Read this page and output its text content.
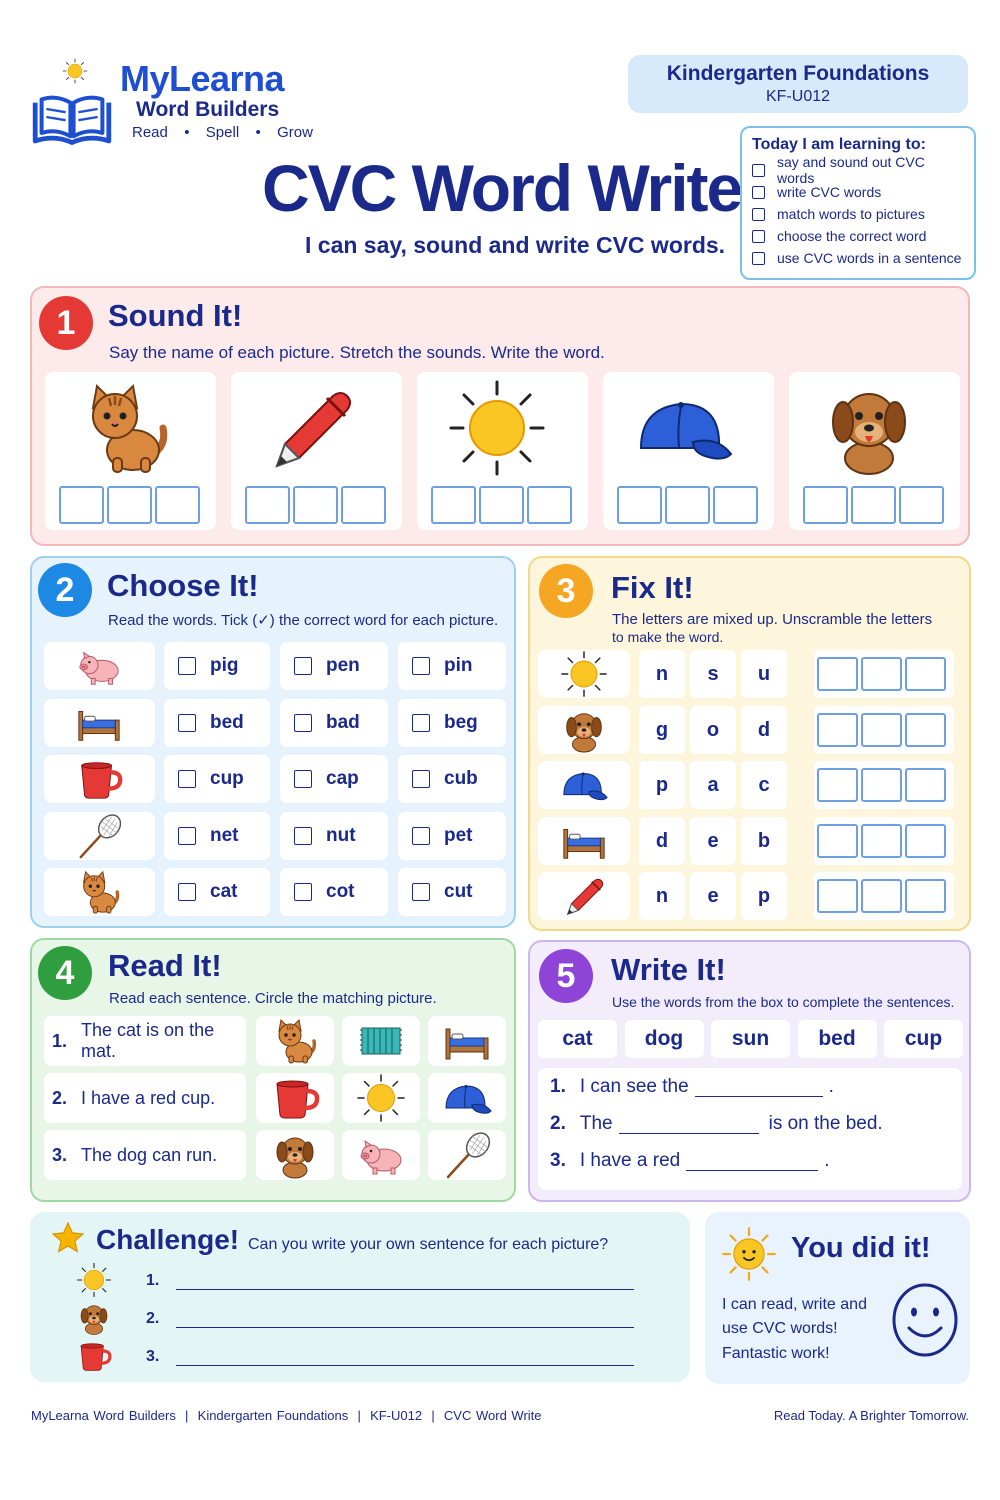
MyLearna
Word Builders
Read  •  Spell  •  Grow
Kindergarten Foundations
KF-U012
CVC Word Write
I can say, sound and write CVC words.
Today I am learning to:
say and sound out CVC words
write CVC words
match words to pictures
choose the correct word
use CVC words in a sentence
1	Sound It!
Say the name of each picture. Stretch the sounds. Write the word.
2	Choose It!
Read the words. Tick (✓) the correct word for each picture.
pig	pen	pin
bed	bad	beg
cup	cap	cub
net	nut	pet
cat	cot	cut
3	Fix It!
The letters are mixed up. Unscramble the letters
to make the word.
n	s	u
g	o	d
p	a	c
d	e	b
n	e	p
4	Read It!
Read each sentence. Circle the matching picture.
1.
The cat is on the mat.
2. I have a red cup.
3. The dog can run.
5	Write It!
Use the words from the box to complete the sentences.
cat	dog	sun	bed	cup
1. I can see the	.
2. The	is on the bed.
3. I have a red	.
Challenge! Can you write your own sentence for each picture?
1.
2.
3.
You did it!
I can read, write and
use CVC words!
Fantastic work!
MyLearna Word Builders  |  Kindergarten Foundations  |  KF-U012  |  CVC Word Write	Read Today. A Brighter Tomorrow.
